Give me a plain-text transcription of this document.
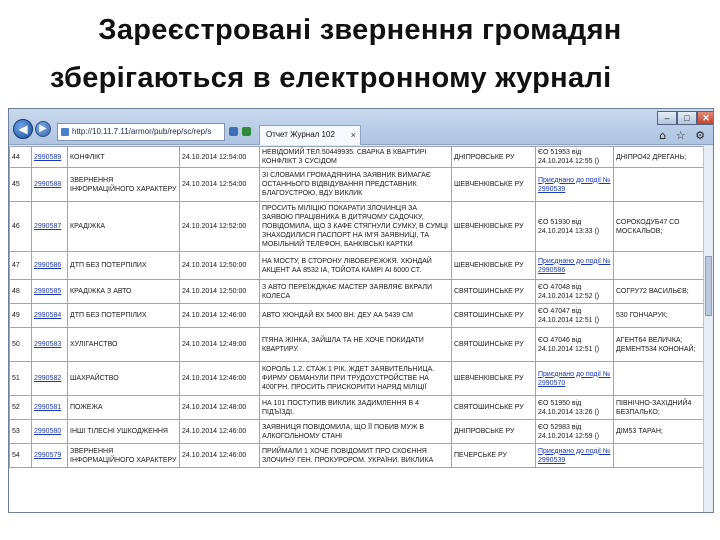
Зареєстровані звернення громадян
зберігаються в електронному журналі
◀	▶	http://10.11.7.11/armor/pub/rep/sc/rep/s	Отчет Журнал 102 ×
–	□	✕
⌂ ☆ ⚙
44	2990589	КОНФЛІКТ	24.10.2014 12:54:00	НЕВІДОМИЙ ТЕЛ.50449935. СВАРКА В КВАРТИРІ КОНФЛІКТ З СУСІДОМ	ДНІПРОВСЬКЕ РУ	ЄО 51953 від 24.10.2014 12:55 ()	ДНІПРО42 ДРЕГАНЬ;
45	2990588	ЗВЕРНЕННЯ ІНФОРМАЦІЙНОГО ХАРАКТЕРУ	24.10.2014 12:54:00	ЗІ СЛОВАМИ ГРОМАДЯНИНА ЗАЯВНИК ВИМАГАЄ ОСТАННЬОГО ВІДВІДУВАННЯ ПРЕДСТАВНИК БЛАГОУСТРОЮ, ВДУ ВИКЛИК	ШЕВЧЕНКІВСЬКЕ РУ	Приєднано до події № 2990539	
46	2990587	КРАДІЖКА	24.10.2014 12:52:00	ПРОСИТЬ МІЛІЦІЮ ПОКАРАТИ ЗЛОЧИНЦЯ ЗА ЗАЯВОЮ ПРАЦІВНИКА В ДИТЯЧОМУ САДОЧКУ, ПОВІДОМИЛА, ЩО З КАФЕ СТЯГНУЛИ СУМКУ, В СУМЦІ ЗНАХОДИЛИСЯ ПАСПОРТ НА ІМ'Я ЗАЯВНИЦІ, ТА МОБІЛЬНИЙ ТЕЛЕФОН, БАНКІВСЬКІ КАРТКИ	ШЕВЧЕНКІВСЬКЕ РУ	ЄО 51930 від 24.10.2014 13:33 ()	СОРОКОДУБ47 СО МОСКАЛЬОВ;
47	2990586	ДТП БЕЗ ПОТЕРПІЛИХ	24.10.2014 12:50:00	НА МОСТУ, В СТОРОНУ ЛІВОБЕРЕЖЖЯ. ХЮНДАЙ АКЦЕНТ АА 8532 ІА, ТОЙОТА КАМРІ АІ 6000 СТ.	ШЕВЧЕНКІВСЬКЕ РУ	Приєднано до події № 2990586	
48	2990585	КРАДІЖКА З АВТО	24.10.2014 12:50:00	З АВТО ПЕРЕЇЖДЖАЄ МАСТЕР ЗАЯВЛЯЄ ВКРАЛИ КОЛЕСА	СВЯТОШИНСЬКЕ РУ	ЄО 47048 від 24.10.2014 12:52 ()	СОГРУ72 ВАСИЛЬЄВ;
49	2990584	ДТП БЕЗ ПОТЕРПІЛИХ	24.10.2014 12:46:00	АВТО ХЮНДАЙ ВХ 5400 ВН. ДЕУ АА 5439 СМ	СВЯТОШИНСЬКЕ РУ	ЄО 47047 від 24.10.2014 12:51 ()	530 ГОНЧАРУК;
50	2990583	ХУЛІГАНСТВО	24.10.2014 12:49:00	П'ЯНА ЖІНКА, ЗАЙШЛА ТА НЕ ХОЧЕ ПОКИДАТИ КВАРТИРУ.	СВЯТОШИНСЬКЕ РУ	ЄО 47046 від 24.10.2014 12:51 ()	АГЕНТ64 ВЕЛИЧКА; ДЕМЕНТ534 КОНОНАЙ;
51	2990582	ШАХРАЙСТВО	24.10.2014 12:46:00	КОРОЛЬ 1.2. СТАЖ 1 РІК. ЖДЕТ ЗАЯВИТЕЛЬНИЦА. ФИРМУ ОБМАНУЛИ ПРИ ТРУДОУСТРОЙСТВЕ НА 400ГРН. ПРОСИТЬ ПРИСКОРИТИ НАРЯД МІЛІЦІЇ	ШЕВЧЕНКІВСЬКЕ РУ	Приєднано до події № 2990570	
52	2990581	ПОЖЕЖА	24.10.2014 12:48:00	НА 101 ПОСТУПИВ ВИКЛИК ЗАДИМЛЕННЯ В 4 ПІДЪЇЗДІ.	СВЯТОШИНСЬКЕ РУ	ЄО 51950 від 24.10.2014 13:26 ()	ПІВНІЧНО-ЗАХІДНИЙ4 БЕЗПАЛЬКО;
53	2990580	ІНШІ ТІЛЕСНІ УШКОДЖЕННЯ	24.10.2014 12:46:00	ЗАЯВНИЦЯ ПОВІДОМИЛА, ЩО ЇЇ ПОБИВ МУЖ В АЛКОГОЛЬНОМУ СТАНІ	ДНІПРОВСЬКЕ РУ	ЄО 52983 від 24.10.2014 12:59 ()	ДІМ53 ТАРАН;
54	2990579	ЗВЕРНЕННЯ ІНФОРМАЦІЙНОГО ХАРАКТЕРУ	24.10.2014 12:46:00	ПРИЙМАЛИ 1 ХОЧЕ ПОВІДОМИТ ПРО СКОЄННЯ ЗЛОЧИНУ ГЕН. ПРОКУРОРОМ. УКРАЇНИ. ВИКЛИКА	ПЕЧЕРСЬКЕ РУ	Приєднано до події № 2990539	
